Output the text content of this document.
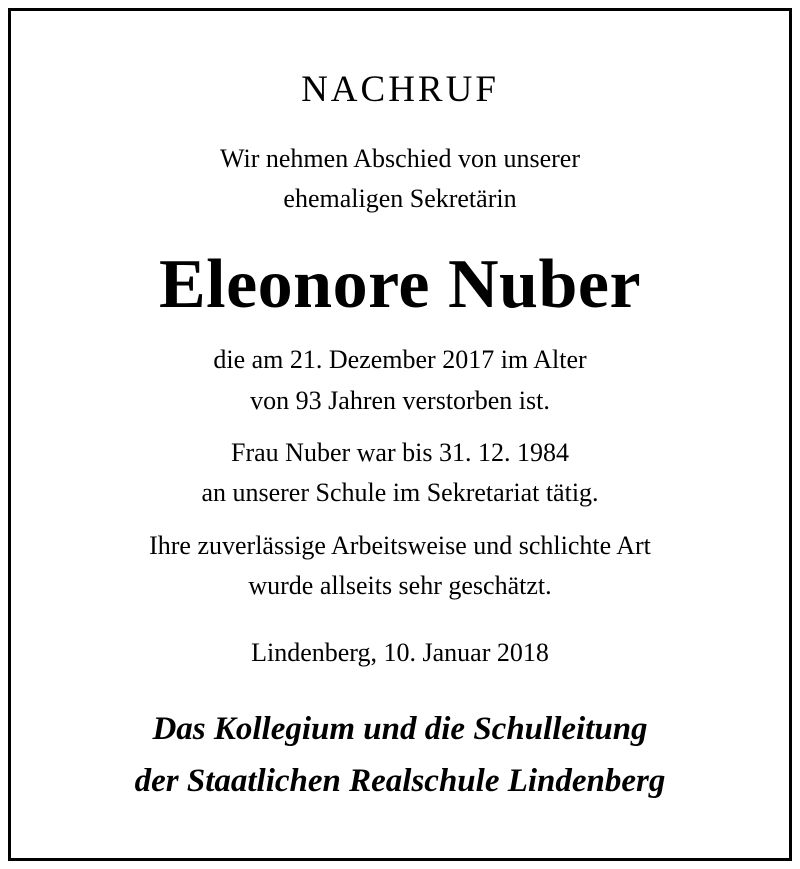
NACHRUF
Wir nehmen Abschied von unserer
ehemaligen Sekretärin
Eleonore Nuber
die am 21. Dezember 2017 im Alter
von 93 Jahren verstorben ist.
Frau Nuber war bis 31. 12. 1984
an unserer Schule im Sekretariat tätig.
Ihre zuverlässige Arbeitsweise und schlichte Art
wurde allseits sehr geschätzt.
Lindenberg, 10. Januar 2018
Das Kollegium und die Schulleitung
der Staatlichen Realschule Lindenberg
